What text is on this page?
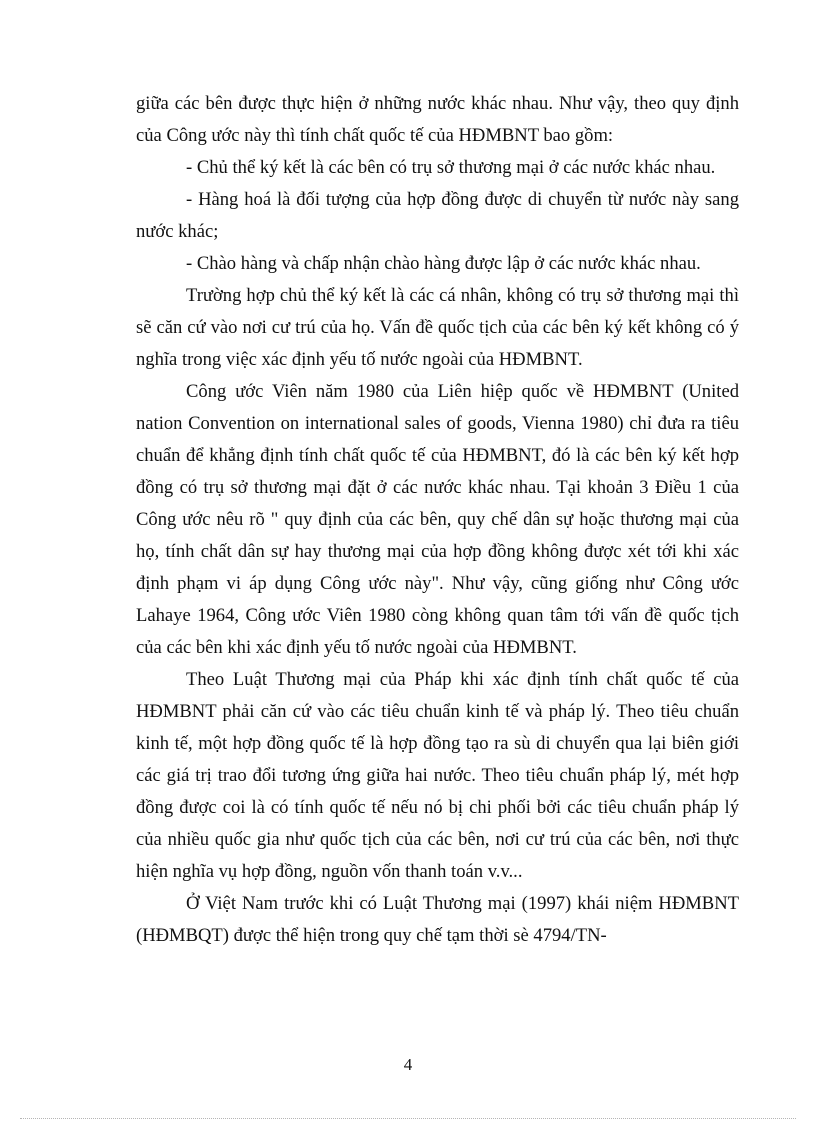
giữa các bên được thực hiện ở những nước khác nhau. Như vậy, theo quy định của Công ước này thì tính chất quốc tế của HĐMBNT bao gồm:

- Chủ thể ký kết là các bên có trụ sở thương mại ở các nước khác nhau.

- Hàng hoá là đối tượng của hợp đồng được di chuyển từ nước này sang nước khác;

- Chào hàng và chấp nhận chào hàng được lập ở các nước khác nhau.

Trường hợp chủ thể ký kết là các cá nhân, không có trụ sở thương mại thì sẽ căn cứ vào nơi cư trú của họ. Vấn đề quốc tịch của các bên ký kết không có ý nghĩa trong việc xác định yếu tố nước ngoài của HĐMBNT.

Công ước Viên năm 1980 của Liên hiệp quốc về HĐMBNT (United nation Convention on international sales of goods, Vienna 1980) chỉ đưa ra tiêu chuẩn để khẳng định tính chất quốc tế của HĐMBNT, đó là các bên ký kết hợp đồng có trụ sở thương mại đặt ở các nước khác nhau. Tại khoản 3 Điều 1 của Công ước nêu rõ " quy định của các bên, quy chế dân sự hoặc thương mại của họ, tính chất dân sự hay thương mại của hợp đồng không được xét tới khi xác định phạm vi áp dụng Công ước này". Như vậy, cũng giống như Công ước Lahaye 1964, Công ước Viên 1980 còng không quan tâm tới vấn đề quốc tịch của các bên khi xác định yếu tố nước ngoài của HĐMBNT.

Theo Luật Thương mại của Pháp khi xác định tính chất quốc tế của HĐMBNT phải căn cứ vào các tiêu chuẩn kinh tế và pháp lý. Theo tiêu chuẩn kinh tế, một hợp đồng quốc tế là hợp đồng tạo ra sù di chuyển qua lại biên giới các giá trị trao đổi tương ứng giữa hai nước. Theo tiêu chuẩn pháp lý, mét hợp đồng được coi là có tính quốc tế nếu nó bị chi phối bởi các tiêu chuẩn pháp lý của nhiều quốc gia như quốc tịch của các bên, nơi cư trú của các bên, nơi thực hiện nghĩa vụ hợp đồng, nguồn vốn thanh toán v.v...

Ở Việt Nam trước khi có Luật Thương mại (1997) khái niệm HĐMBNT (HĐMBQT) được thể hiện trong quy chế tạm thời sè 4794/TN-

4
